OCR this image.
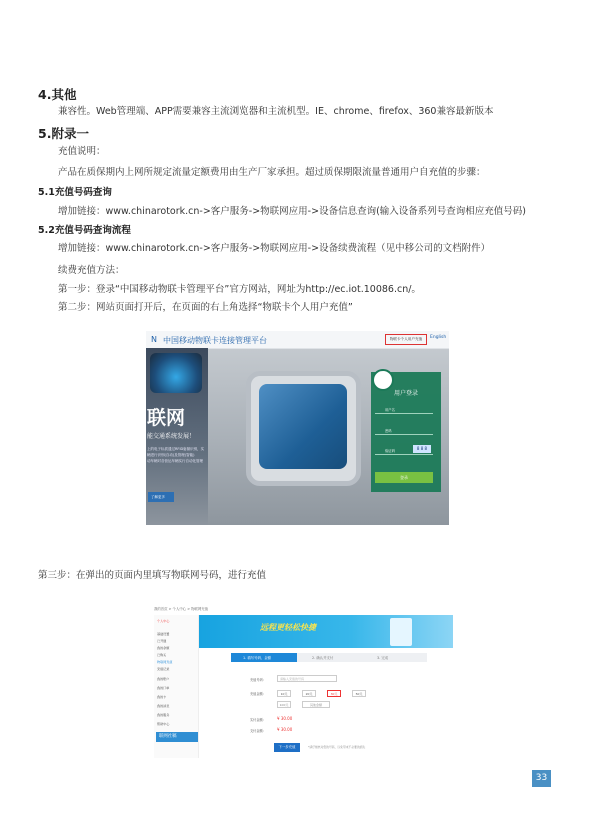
4.其他
兼容性。Web管理端、APP需要兼容主流浏览器和主流机型。IE、chrome、firefox、360兼容最新版本
5.附录一
充值说明：
产品在质保期内上网所规定流量定额费用由生产厂家承担。超过质保期限流量普通用户自充值的步骤：
5.1充值号码查询
增加链接：www.chinarotork.cn->客户服务->物联网应用->设备信息查询(输入设备系列号查询相应充值号码)
5.2充值号码查询流程
增加链接：www.chinarotork.cn->客户服务->物联网应用->设备续费流程（见中移公司的文档附件）
续费充值方法：
第一步：登录“中国移动物联卡管理平台”官方网站，网址为http://ec.iot.10086.cn/。
第二步：网站页面打开后，在页面的右上角选择“物联卡个人用户充值”
N 中国移动物联卡连接管理平台	物联卡个人用户充值	English
联网
能交通系统发展！
上的电子标质通过RFID射频识别，实
辆进行识别(自动)及管理(智能)
动车辆对各营运车辆实行自动化管理
了解更多
用户登录
用户名
密码
验证码	8 8 8
登录
第三步：在弹出的页面内里填写物联网号码，进行充值
我的首页 > 个人中心 > 物联网充值
个人中心
基础设置
已开通
我的余额
已购买
物联网充值
充值记录
我的账户
我的订单
我的卡
我的消息
我的服务
帮助中心
联网社稿
远程更轻松快捷
1. 填写号码、金额	2. 确认并支付	3. 完成
充值号码：	请输入充值的号码
充值金额：	10元	20元	30元	50元
100元	其他金额
实付金额：	¥ 30.00
支付金额：	¥ 30.00
下一步充值	*请仔细核对您的号码，以免带来不必要的损失
33
